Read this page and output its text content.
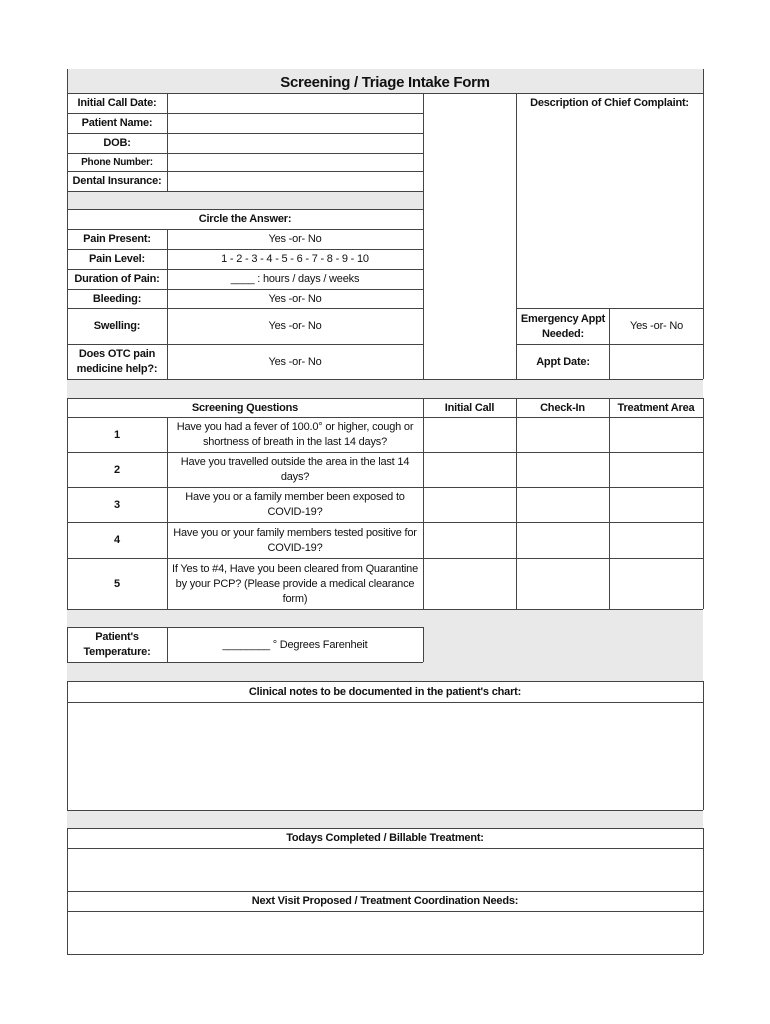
Screening / Triage Intake Form
Initial Call Date:
Patient Name:
DOB:
Phone Number:
Dental Insurance:
Description of Chief Complaint:
Circle the Answer:
Pain Present:	Yes -or- No
Pain Level:	1 - 2 - 3 - 4 - 5 - 6 - 7 - 8 - 9 - 10
Duration of Pain:	____ : hours / days / weeks
Bleeding:	Yes -or- No
Swelling:	Yes -or- No
Does OTC pain medicine help?:
Yes -or- No
Emergency Appt Needed:
Yes -or- No
Appt Date:
Screening Questions	Initial Call	Check-In	Treatment Area
1
Have you had a fever of 100.0° or higher, cough or shortness of breath in the last 14 days?
2
Have you travelled outside the area in the last 14 days?
3
Have you or a family member been exposed to COVID-19?
4
Have you or your family members tested positive for COVID-19?
5
If Yes to #4, Have you been cleared from Quarantine by your PCP? (Please provide a medical clearance form)
Patient's Temperature:
________ ° Degrees Farenheit
Clinical notes to be documented in the patient's chart:
Todays Completed / Billable Treatment:
Next Visit Proposed / Treatment Coordination Needs:
